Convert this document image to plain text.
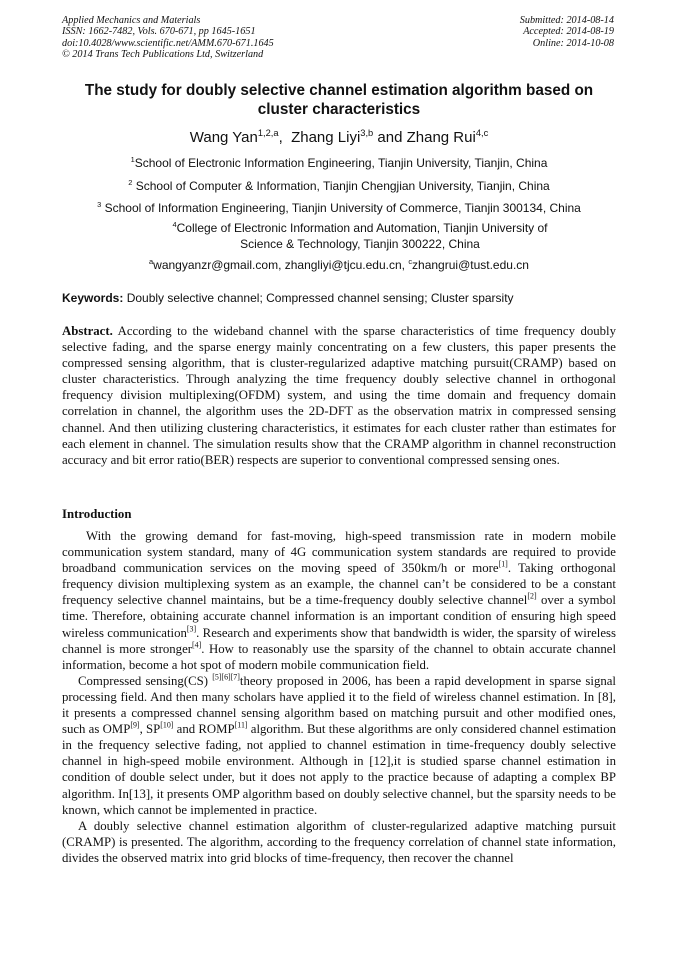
Applied Mechanics and Materials
ISSN: 1662-7482, Vols. 670-671, pp 1645-1651
doi:10.4028/www.scientific.net/AMM.670-671.1645
© 2014 Trans Tech Publications Ltd, Switzerland
Submitted: 2014-08-14
Accepted: 2014-08-19
Online: 2014-10-08
The study for doubly selective channel estimation algorithm based on cluster characteristics
Wang Yan$^{1,2,a}$,  Zhang Liyi$^{3,b}$ and Zhang Rui$^{4,c}$
$^1$School of Electronic Information Engineering, Tianjin University, Tianjin, China
$^2$ School of Computer & Information, Tianjin Chengjian University, Tianjin, China
$^3$ School of Information Engineering, Tianjin University of Commerce, Tianjin 300134, China
$^4$College of Electronic Information and Automation, Tianjin University of Science & Technology, Tianjin 300222, China
$^a$wangyanzr@gmail.com, zhangliyi@tjcu.edu.cn, $^c$zhangrui@tust.edu.cn
Keywords: Doubly selective channel; Compressed channel sensing; Cluster sparsity
Abstract. According to the wideband channel with the sparse characteristics of time frequency doubly selective fading, and the sparse energy mainly concentrating on a few clusters, this paper presents the compressed sensing algorithm, that is cluster-regularized adaptive matching pursuit(CRAMP) based on cluster characteristics. Through analyzing the time frequency doubly selective channel in orthogonal frequency division multiplexing(OFDM) system, and using the time domain and frequency domain correlation in channel, the algorithm uses the 2D-DFT as the observation matrix in compressed sensing channel. And then utilizing clustering characteristics, it estimates for each cluster rather than estimates for each element in channel. The simulation results show that the CRAMP algorithm in channel reconstruction accuracy and bit error ratio(BER) respects are superior to conventional compressed sensing ones.
Introduction

With the growing demand for fast-moving, high-speed transmission rate in modern mobile communication system standard, many of 4G communication system standards are required to provide broadband communication services on the moving speed of 350km/h or more[1]. Taking orthogonal frequency division multiplexing system as an example, the channel can’t be considered to be a constant frequency selective channel maintains, but be a time-frequency doubly selective channel[2] over a symbol time. Therefore, obtaining accurate channel information is an important condition of ensuring high speed wireless communication[3]. Research and experiments show that bandwidth is wider, the sparsity of wireless channel is more stronger[4]. How to reasonably use the sparsity of the channel to obtain accurate channel information, become a hot spot of modern mobile communication field.

Compressed sensing(CS) [5][6][7]theory proposed in 2006, has been a rapid development in sparse signal processing field. And then many scholars have applied it to the field of wireless channel estimation. In [8], it presents a compressed channel sensing algorithm based on matching pursuit and other modified ones, such as OMP[9], SP[10] and ROMP[11] algorithm. But these algorithms are only considered channel estimation in the frequency selective fading, not applied to channel estimation in time-frequency doubly selective channel in high-speed mobile environment. Although in [12],it is studied sparse channel estimation in condition of double select under, but it does not apply to the practice because of adapting a complex BP algorithm. In[13], it presents OMP algorithm based on doubly selective channel, but the sparsity needs to be known, which cannot be implemented in practice.

A doubly selective channel estimation algorithm of cluster-regularized adaptive matching pursuit (CRAMP) is presented. The algorithm, according to the frequency correlation of channel state information, divides the observed matrix into grid blocks of time-frequency, then recover the channel
